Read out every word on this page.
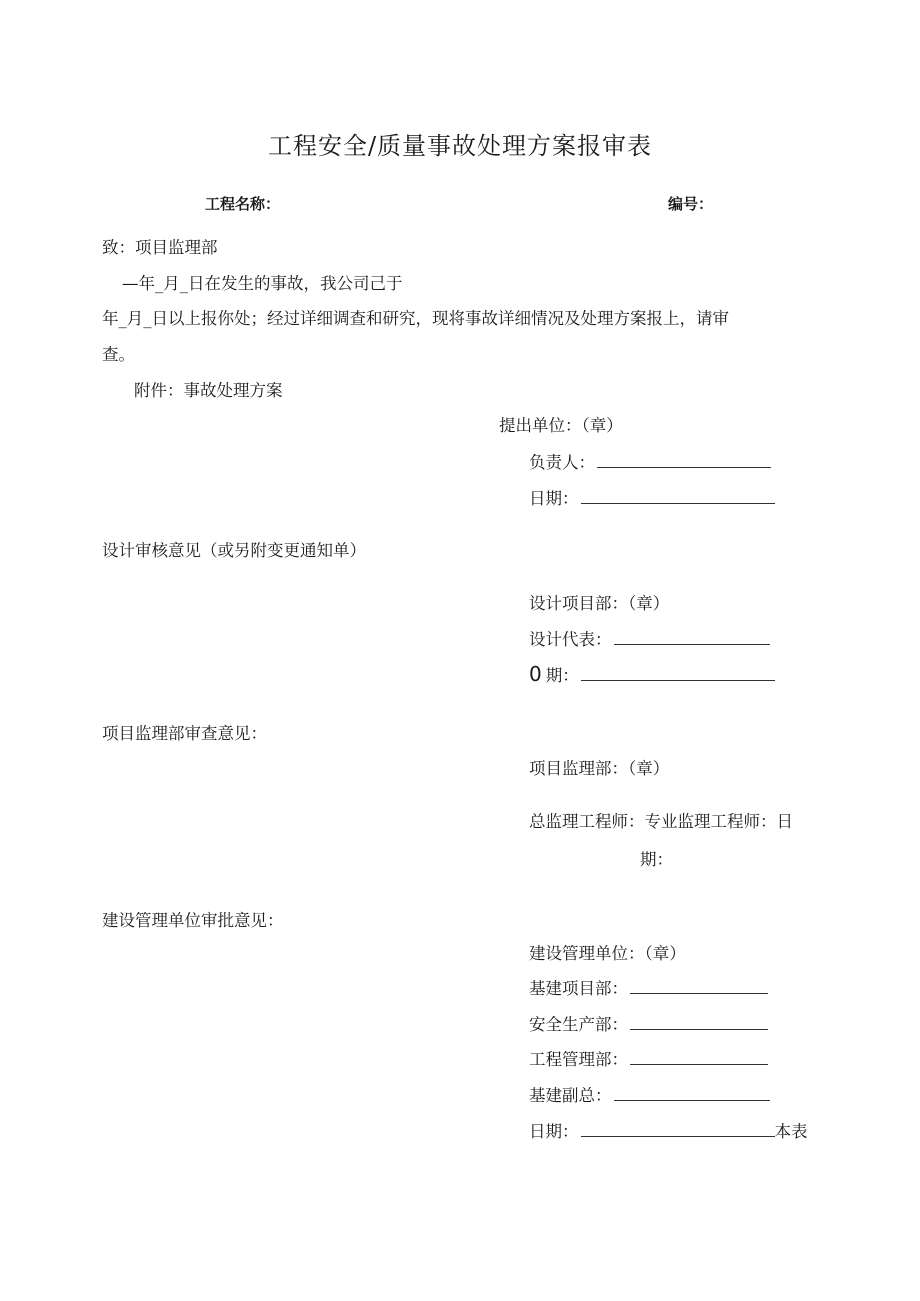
工程安全/质量事故处理方案报审表
工程名称：	编号：
致：项目监理部
—年_月_日在发生的事故，我公司己于
年_月_日以上报你处；经过详细调查和研究，现将事故详细情况及处理方案报上，请审
查。
附件：事故处理方案
提出单位：（章）
负责人：
日期：
设计审核意见（或另附变更通知单）
设计项目部：（章）
设计代表：
0 期：
项目监理部审查意见：
项目监理部：（章）
总监理工程师：专业监理工程师：日
期：
建设管理单位审批意见：
建设管理单位：（章）
基建项目部：
安全生产部：
工程管理部：
基建副总：
日期：	本表
